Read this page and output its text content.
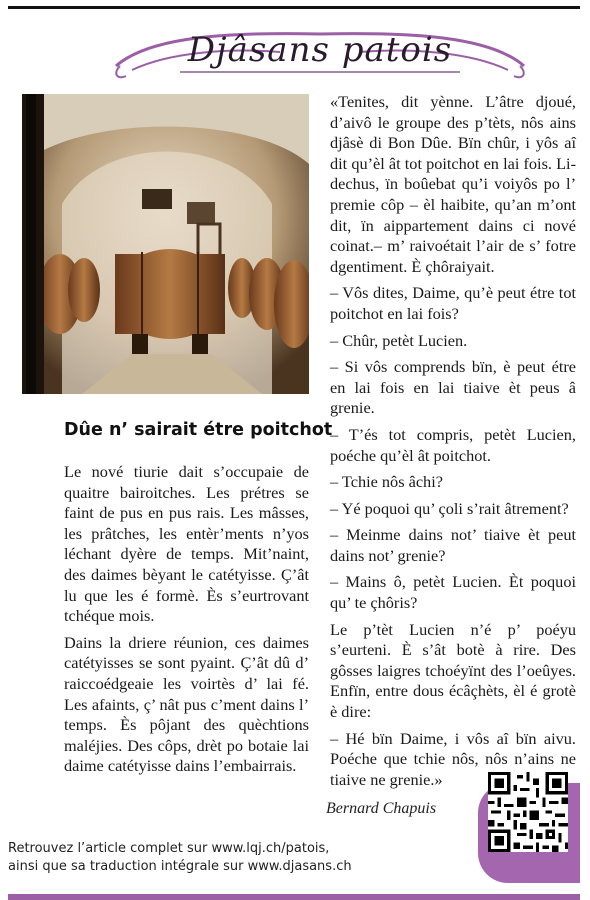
Djâsans patois
Dûe n’ sairait étre poitchot

Le nové tiurie dait s’occupaie de quaitre bairoitches. Les prétres se faint de pus en pus rais. Les mâsses, les prâtches, les entèr’ments n’yos léchant dyère de temps. Mit’naint, des daimes bèyant le catétyisse. Ç’ât lu que les é formè. Ès s’eurtrovant tchéque mois.

Dains la driere réunion, ces daimes catétyisses se sont pyaint. Ç’ât dû d’ raiccoédgeaie les voirtès d’ lai fé. Les afaints, ç’ nât pus c’ment dains l’ temps. Ès pôjant des quèchtions maléjies. Des côps, drèt po botaie lai daime catétyisse dains l’embairrais.

«Tenites, dit yènne. L’âtre djoué, d’aivô le groupe des p’tèts, nôs ains djâsè di Bon Dûe. Bïn chûr, i yôs aî dit qu’èl ât tot poitchot en lai fois. Li-dechus, ïn boûebat qu’i voiyôs po l’ premie côp – èl haibite, qu’an m’ont dit, ïn aippartement dains ci nové coinat.– m’ raivoétait l’air de s’ fotre dgentiment. È çhôraiyait.

– Vôs dites, Daime, qu’è peut étre tot poitchot en lai fois?

– Chûr, petèt Lucien.

– Si vôs comprends bïn, è peut étre en lai fois en lai tiaive èt peus â grenie.

– T’és tot compris, petèt Lucien, poéche qu’èl ât poitchot.

– Tchie nôs âchi?

– Yé poquoi qu’ çoli s’rait âtrement?

– Meinme dains not’ tiaive èt peut dains not’ grenie?

– Mains ô, petèt Lucien. Èt poquoi qu’ te çhôris?

Le p’tèt Lucien n’é p’ poéyu s’eurteni. È s’ât botè à rire. Des gôsses laigres tchoéyïnt des l’oeûyes. Enfïn, entre dous écâçhèts, èl é grotè è dire:

– Hé bïn Daime, i vôs aî bïn aivu. Poéche que tchie nôs, nôs n’ains ne tiaive ne grenie.»

Bernard Chapuis
Retrouvez l’article complet sur www.lqj.ch/patois,
ainsi que sa traduction intégrale sur www.djasans.ch
